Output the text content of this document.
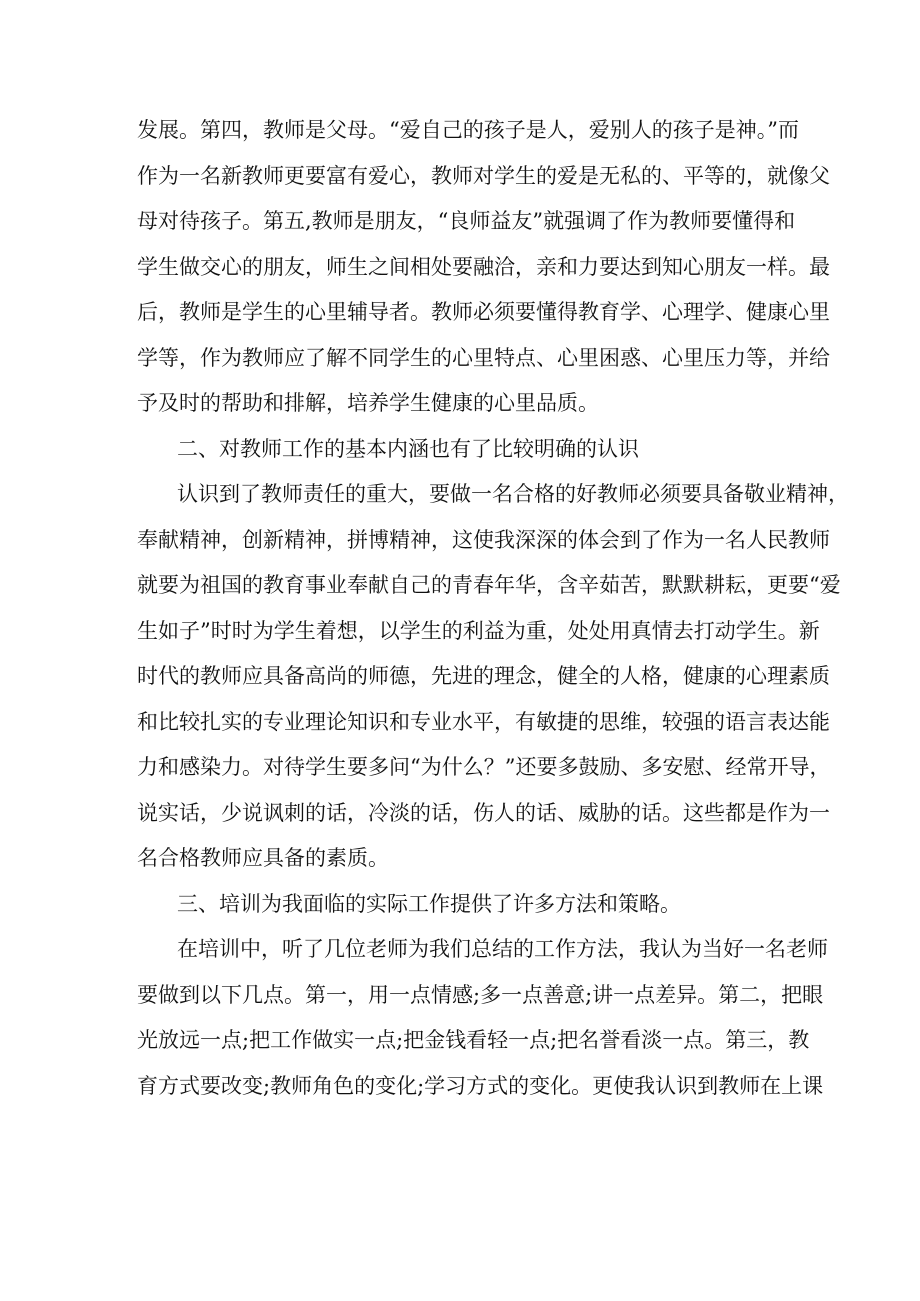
发展。第四，教师是父母。“爱自己的孩子是人，爱别人的孩子是神。”而
作为一名新教师更要富有爱心，教师对学生的爱是无私的、平等的，就像父
母对待孩子。第五,教师是朋友，“良师益友”就强调了作为教师要懂得和
学生做交心的朋友，师生之间相处要融洽，亲和力要达到知心朋友一样。最
后，教师是学生的心里辅导者。教师必须要懂得教育学、心理学、健康心里
学等，作为教师应了解不同学生的心里特点、心里困惑、心里压力等，并给
予及时的帮助和排解，培养学生健康的心里品质。
二、对教师工作的基本内涵也有了比较明确的认识
认识到了教师责任的重大，要做一名合格的好教师必须要具备敬业精神，
奉献精神，创新精神，拼博精神，这使我深深的体会到了作为一名人民教师
就要为祖国的教育事业奉献自己的青春年华，含辛茹苦，默默耕耘，更要“爱
生如子”时时为学生着想，以学生的利益为重，处处用真情去打动学生。新
时代的教师应具备高尚的师德，先进的理念，健全的人格，健康的心理素质
和比较扎实的专业理论知识和专业水平，有敏捷的思维，较强的语言表达能
力和感染力。对待学生要多问“为什么？”还要多鼓励、多安慰、经常开导，
说实话，少说讽刺的话，冷淡的话，伤人的话、威胁的话。这些都是作为一
名合格教师应具备的素质。
三、培训为我面临的实际工作提供了许多方法和策略。
在培训中，听了几位老师为我们总结的工作方法，我认为当好一名老师
要做到以下几点。第一，用一点情感;多一点善意;讲一点差异。第二，把眼
光放远一点;把工作做实一点;把金钱看轻一点;把名誉看淡一点。第三，教
育方式要改变;教师角色的变化;学习方式的变化。更使我认识到教师在上课
